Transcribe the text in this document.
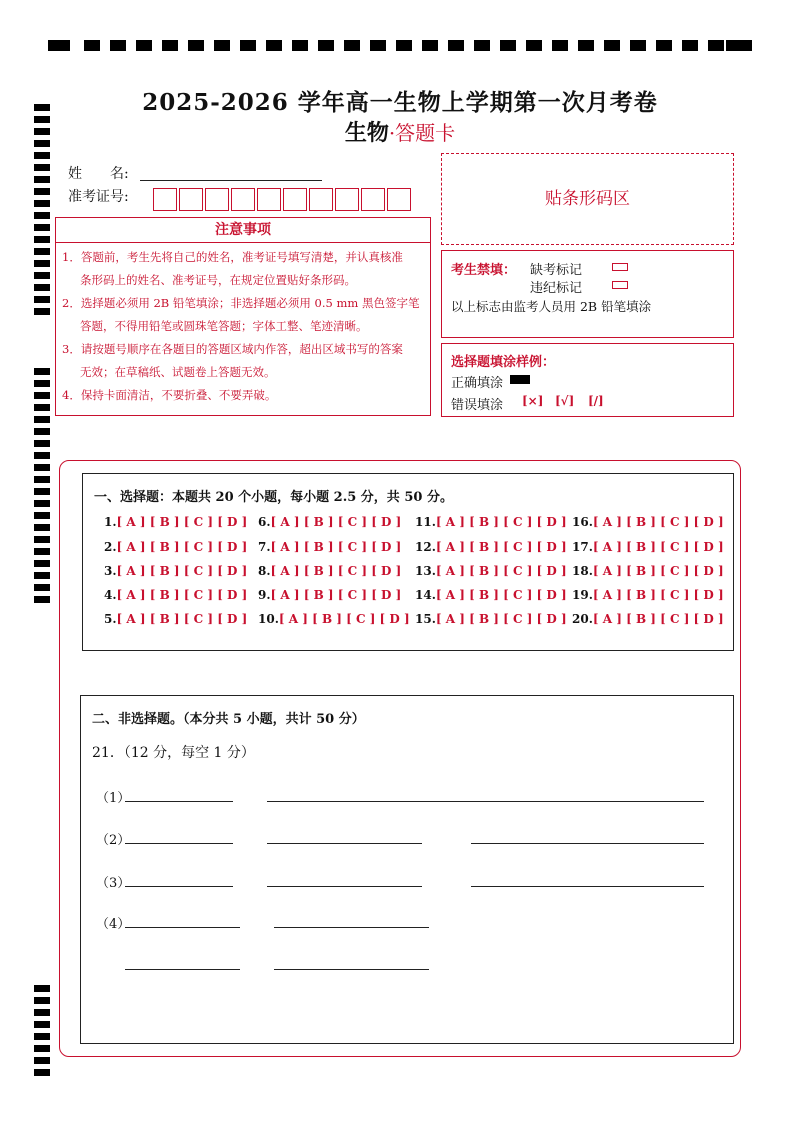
2025-2026 学年高一生物上学期第一次月考卷
生物·答题卡
姓　　名:
准考证号:
注意事项
1．答题前，考生先将自己的姓名，准考证号填写清楚，并认真核准
条形码上的姓名、准考证号，在规定位置贴好条形码。
2．选择题必须用 2B 铅笔填涂；非选择题必须用 0.5 mm 黑色签字笔
答题，不得用铅笔或圆珠笔答题；字体工整、笔迹清晰。
3．请按题号顺序在各题目的答题区域内作答，超出区域书写的答案
无效；在草稿纸、试题卷上答题无效。
4．保持卡面清洁，不要折叠、不要弄破。
贴条形码区
考生禁填： 缺考标记
违纪标记
以上标志由监考人员用 2B 铅笔填涂
选择题填涂样例：
正确填涂
错误填涂 [×] [√] [/]
一、选择题：本题共 20 个小题，每小题 2.5 分，共 50 分。
1.[ A ] [ B ] [ C ] [ D ]
2.[ A ] [ B ] [ C ] [ D ]
3.[ A ] [ B ] [ C ] [ D ]
4.[ A ] [ B ] [ C ] [ D ]
5.[ A ] [ B ] [ C ] [ D ]
6.[ A ] [ B ] [ C ] [ D ]
7.[ A ] [ B ] [ C ] [ D ]
8.[ A ] [ B ] [ C ] [ D ]
9.[ A ] [ B ] [ C ] [ D ]
10.[ A ] [ B ] [ C ] [ D ]
11.[ A ] [ B ] [ C ] [ D ]
12.[ A ] [ B ] [ C ] [ D ]
13.[ A ] [ B ] [ C ] [ D ]
14.[ A ] [ B ] [ C ] [ D ]
15.[ A ] [ B ] [ C ] [ D ]
16.[ A ] [ B ] [ C ] [ D ]
17.[ A ] [ B ] [ C ] [ D ]
18.[ A ] [ B ] [ C ] [ D ]
19.[ A ] [ B ] [ C ] [ D ]
20.[ A ] [ B ] [ C ] [ D ]
二、非选择题。（本分共 5 小题，共计 50 分）
21．（12 分，每空 1 分）
（1）
（2）
（3）
（4）
